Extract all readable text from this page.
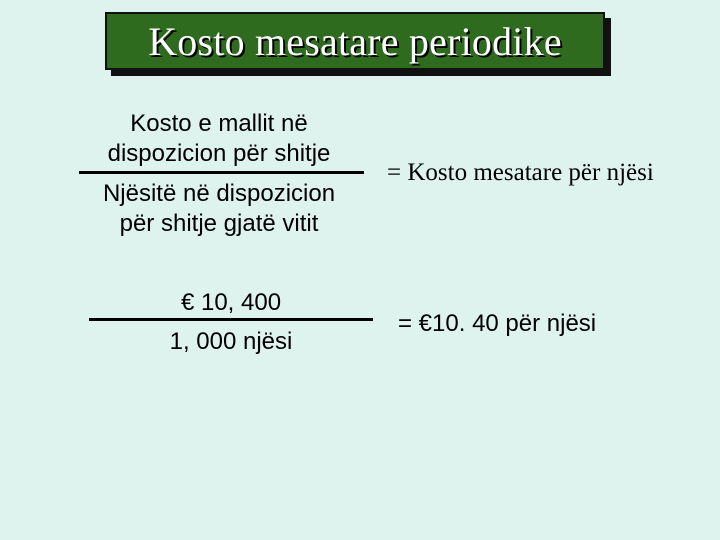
Kosto mesatare periodike
Kosto e mallit në
dispozicion për shitje
Njësitë në dispozicion
për shitje gjatë vitit
= Kosto mesatare për njësi
€ 10, 400
1, 000 njësi
= €10. 40 për njësi
